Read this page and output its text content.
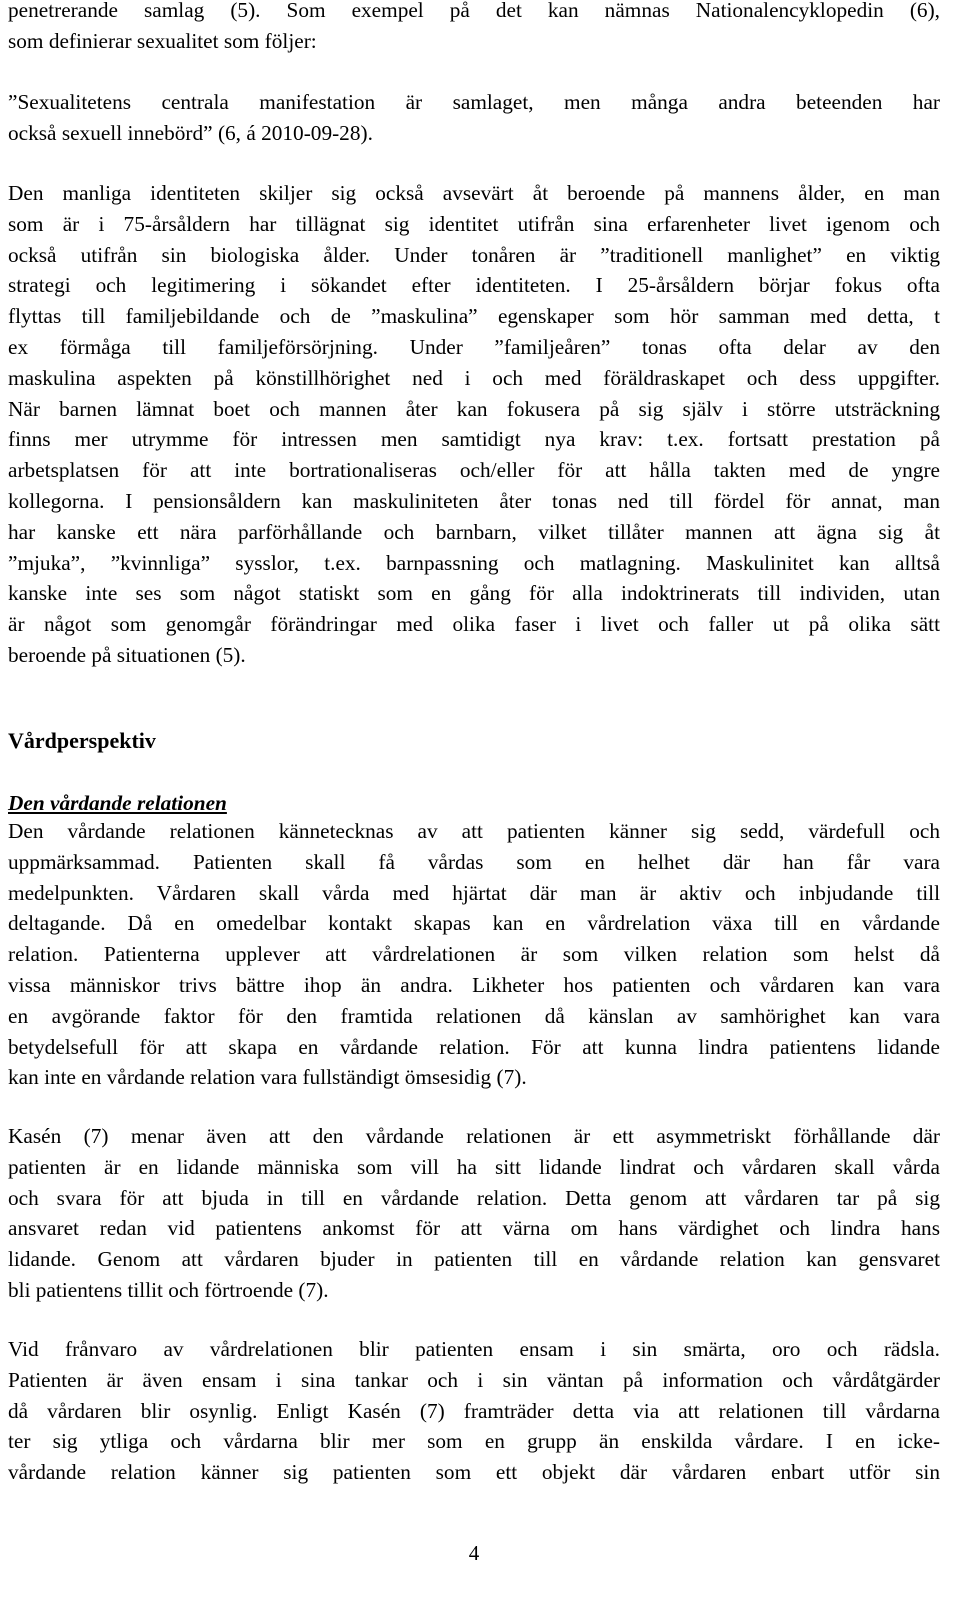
penetrerande samlag (5). Som exempel på det kan nämnas Nationalencyklopedin (6),
som definierar sexualitet som följer:
”Sexualitetens centrala manifestation är samlaget, men många andra beteenden har
också sexuell innebörd” (6, á 2010-09-28).
Den manliga identiteten skiljer sig också avsevärt åt beroende på mannens ålder, en man
som är i 75-årsåldern har tillägnat sig identitet utifrån sina erfarenheter livet igenom och
också utifrån sin biologiska ålder. Under tonåren är ”traditionell manlighet” en viktig
strategi och legitimering i sökandet efter identiteten. I 25-årsåldern börjar fokus ofta
flyttas till familjebildande och de ”maskulina” egenskaper som hör samman med detta, t
ex förmåga till familjeförsörjning. Under ”familjeåren” tonas ofta delar av den
maskulina aspekten på könstillhörighet ned i och med föräldraskapet och dess uppgifter.
När barnen lämnat boet och mannen åter kan fokusera på sig själv i större utsträckning
finns mer utrymme för intressen men samtidigt nya krav: t.ex. fortsatt prestation på
arbetsplatsen för att inte bortrationaliseras och/eller för att hålla takten med de yngre
kollegorna. I pensionsåldern kan maskuliniteten åter tonas ned till fördel för annat, man
har kanske ett nära parförhållande och barnbarn, vilket tillåter mannen att ägna sig åt
”mjuka”, ”kvinnliga” sysslor, t.ex. barnpassning och matlagning. Maskulinitet kan alltså
kanske inte ses som något statiskt som en gång för alla indoktrinerats till individen, utan
är något som genomgår förändringar med olika faser i livet och faller ut på olika sätt
beroende på situationen (5).
Vårdperspektiv
Den vårdande relationen
Den vårdande relationen kännetecknas av att patienten känner sig sedd, värdefull och
uppmärksammad. Patienten skall få vårdas som en helhet där han får vara
medelpunkten. Vårdaren skall vårda med hjärtat där man är aktiv och inbjudande till
deltagande. Då en omedelbar kontakt skapas kan en vårdrelation växa till en vårdande
relation. Patienterna upplever att vårdrelationen är som vilken relation som helst då
vissa människor trivs bättre ihop än andra. Likheter hos patienten och vårdaren kan vara
en avgörande faktor för den framtida relationen då känslan av samhörighet kan vara
betydelsefull för att skapa en vårdande relation. För att kunna lindra patientens lidande
kan inte en vårdande relation vara fullständigt ömsesidig (7).
Kasén (7) menar även att den vårdande relationen är ett asymmetriskt förhållande där
patienten är en lidande människa som vill ha sitt lidande lindrat och vårdaren skall vårda
och svara för att bjuda in till en vårdande relation. Detta genom att vårdaren tar på sig
ansvaret redan vid patientens ankomst för att värna om hans värdighet och lindra hans
lidande. Genom att vårdaren bjuder in patienten till en vårdande relation kan gensvaret
bli patientens tillit och förtroende (7).
Vid frånvaro av vårdrelationen blir patienten ensam i sin smärta, oro och rädsla.
Patienten är även ensam i sina tankar och i sin väntan på information och vårdåtgärder
då vårdaren blir osynlig. Enligt Kasén (7) framträder detta via att relationen till vårdarna
ter sig ytliga och vårdarna blir mer som en grupp än enskilda vårdare. I en icke-
vårdande relation känner sig patienten som ett objekt där vårdaren enbart utför sin
4
